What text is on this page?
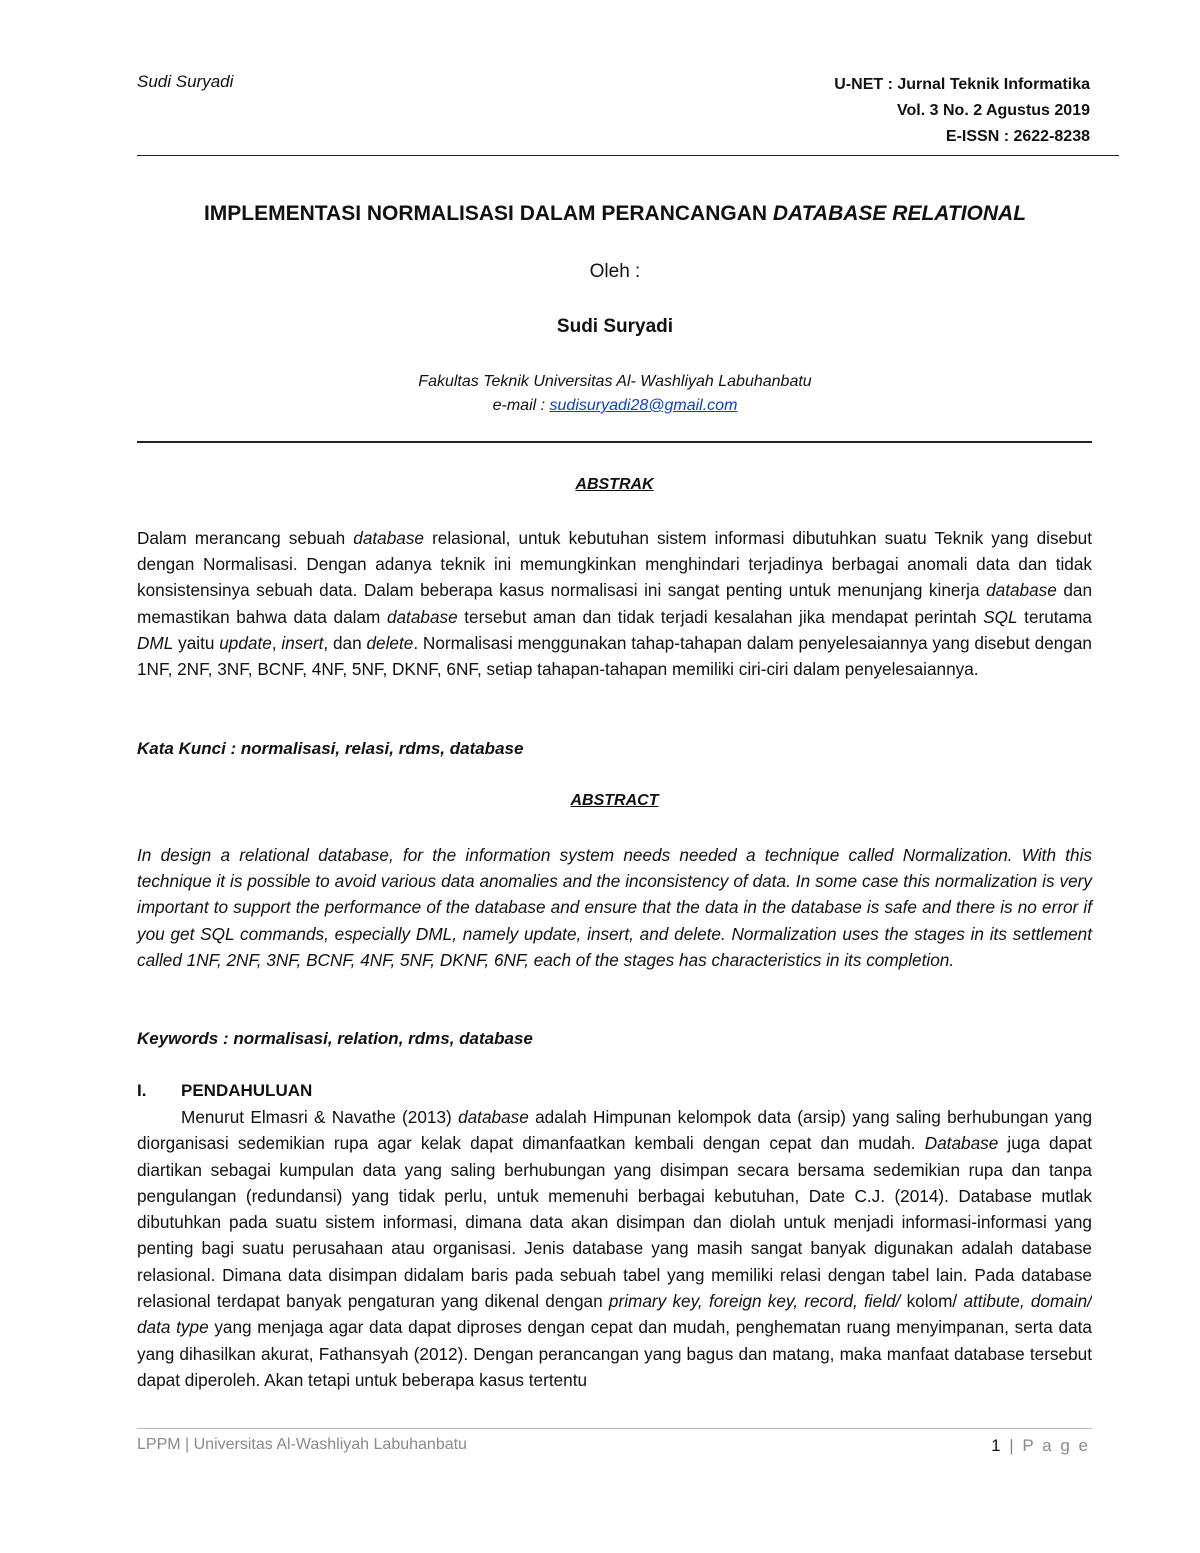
Sudi Suryadi	U-NET : Jurnal Teknik Informatika
Vol. 3 No. 2 Agustus 2019
E-ISSN : 2622-8238
IMPLEMENTASI NORMALISASI DALAM PERANCANGAN DATABASE RELATIONAL
Oleh :
Sudi Suryadi
Fakultas Teknik Universitas Al- Washliyah Labuhanbatu
e-mail : sudisuryadi28@gmail.com
ABSTRAK
Dalam merancang sebuah database relasional, untuk kebutuhan sistem informasi dibutuhkan suatu Teknik yang disebut dengan Normalisasi. Dengan adanya teknik ini memungkinkan menghindari terjadinya berbagai anomali data dan tidak konsistensinya sebuah data. Dalam beberapa kasus normalisasi ini sangat penting untuk menunjang kinerja database dan memastikan bahwa data dalam database tersebut aman dan tidak terjadi kesalahan jika mendapat perintah SQL terutama DML yaitu update, insert, dan delete. Normalisasi menggunakan tahap-tahapan dalam penyelesaiannya yang disebut dengan 1NF, 2NF, 3NF, BCNF, 4NF, 5NF, DKNF, 6NF, setiap tahapan-tahapan memiliki ciri-ciri dalam penyelesaiannya.
Kata Kunci : normalisasi, relasi, rdms, database
ABSTRACT
In design a relational database, for the information system needs needed a technique called Normalization. With this technique it is possible to avoid various data anomalies and the inconsistency of data. In some case this normalization is very important to support the performance of the database and ensure that the data in the database is safe and there is no error if you get SQL commands, especially DML, namely update, insert, and delete. Normalization uses the stages in its settlement called 1NF, 2NF, 3NF, BCNF, 4NF, 5NF, DKNF, 6NF, each of the stages has characteristics in its completion.
Keywords : normalisasi, relation, rdms, database
I. PENDAHULUAN
Menurut Elmasri & Navathe (2013) database adalah Himpunan kelompok data (arsip) yang saling berhubungan yang diorganisasi sedemikian rupa agar kelak dapat dimanfaatkan kembali dengan cepat dan mudah. Database juga dapat diartikan sebagai kumpulan data yang saling berhubungan yang disimpan secara bersama sedemikian rupa dan tanpa pengulangan (redundansi) yang tidak perlu, untuk memenuhi berbagai kebutuhan, Date C.J. (2014). Database mutlak dibutuhkan pada suatu sistem informasi, dimana data akan disimpan dan diolah untuk menjadi informasi-informasi yang penting bagi suatu perusahaan atau organisasi. Jenis database yang masih sangat banyak digunakan adalah database relasional. Dimana data disimpan didalam baris pada sebuah tabel yang memiliki relasi dengan tabel lain. Pada database relasional terdapat banyak pengaturan yang dikenal dengan primary key, foreign key, record, field/ kolom/ attibute, domain/ data type yang menjaga agar data dapat diproses dengan cepat dan mudah, penghematan ruang menyimpanan, serta data yang dihasilkan akurat, Fathansyah (2012). Dengan perancangan yang bagus dan matang, maka manfaat database tersebut dapat diperoleh. Akan tetapi untuk beberapa kasus tertentu
LPPM | Universitas Al-Washliyah Labuhanbatu	1 | P a g e
